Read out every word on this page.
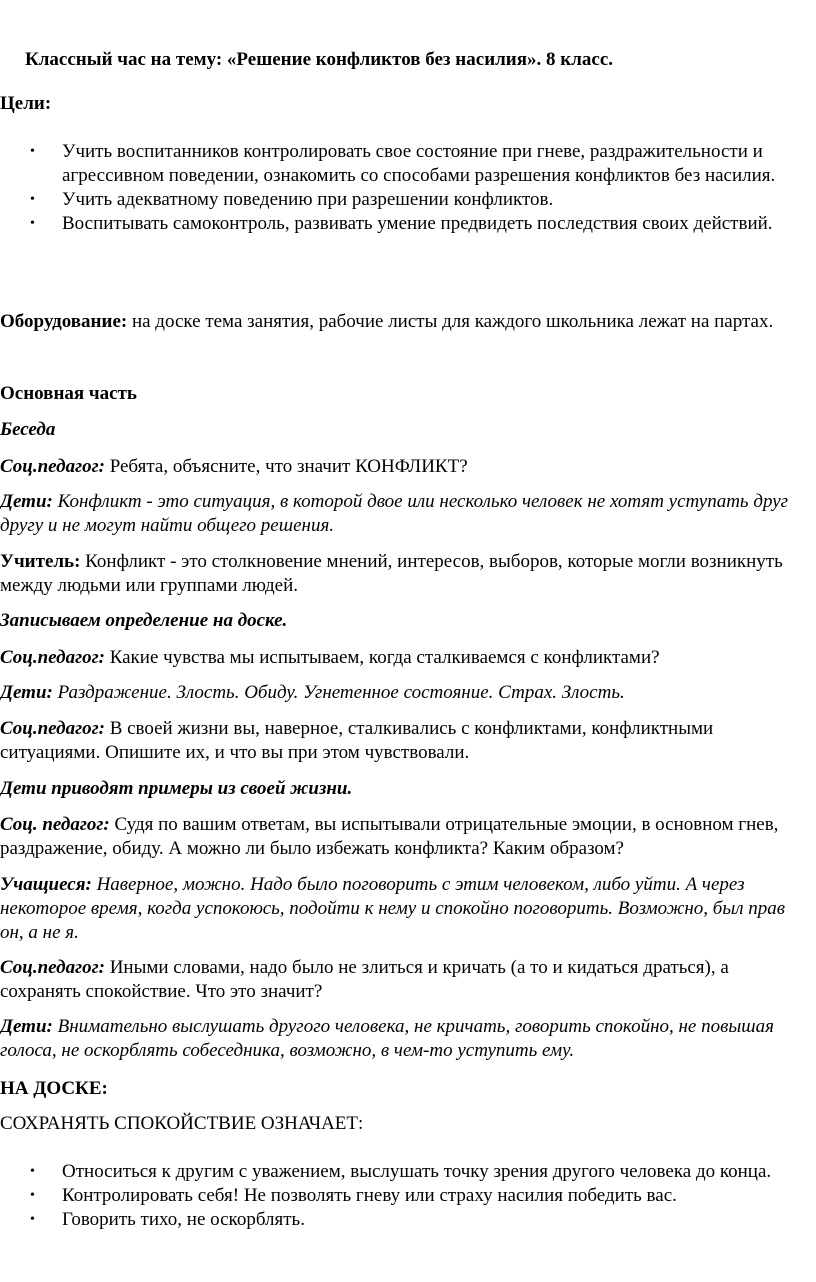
Классный час на тему: «Решение конфликтов без насилия». 8 класс.
Цели:
• Учить воспитанников контролировать свое состояние при гневе, раздражительности и агрессивном поведении, ознакомить со способами разрешения конфликтов без насилия.
• Учить адекватному поведению при разрешении конфликтов.
• Воспитывать самоконтроль, развивать умение предвидеть последствия своих действий.
Оборудование: на доске тема занятия, рабочие листы для каждого школьника лежат на партах.
Основная часть
Беседа
Соц.педагог: Ребята, объясните, что значит КОНФЛИКТ?
Дети: Конфликт - это ситуация, в которой двое или несколько человек не хотят уступать друг другу и не могут найти общего решения.
Учитель: Конфликт - это столкновение мнений, интересов, выборов, которые могли возникнуть между людьми или группами людей.
Записываем определение на доске.
Соц.педагог: Какие чувства мы испытываем, когда сталкиваемся с конфликтами?
Дети: Раздражение. Злость. Обиду. Угнетенное состояние. Страх. Злость.
Соц.педагог: В своей жизни вы, наверное, сталкивались с конфликтами, конфликтными ситуациями. Опишите их, и что вы при этом чувствовали.
Дети приводят примеры из своей жизни.
Соц. педагог: Судя по вашим ответам, вы испытывали отрицательные эмоции, в основном гнев, раздражение, обиду. А можно ли было избежать конфликта? Каким образом?
Учащиеся: Наверное, можно. Надо было поговорить с этим человеком, либо уйти. А через некоторое время, когда успокоюсь, подойти к нему и спокойно поговорить. Возможно, был прав он, а не я.
Соц.педагог: Иными словами, надо было не злиться и кричать (а то и кидаться драться), а сохранять спокойствие. Что это значит?
Дети: Внимательно выслушать другого человека, не кричать, говорить спокойно, не повышая голоса, не оскорблять собеседника, возможно, в чем-то уступить ему.
НА ДОСКЕ:
СОХРАНЯТЬ СПОКОЙСТВИЕ ОЗНАЧАЕТ:
• Относиться к другим с уважением, выслушать точку зрения другого человека до конца.
• Контролировать себя! Не позволять гневу или страху насилия победить вас.
• Говорить тихо, не оскорблять.
